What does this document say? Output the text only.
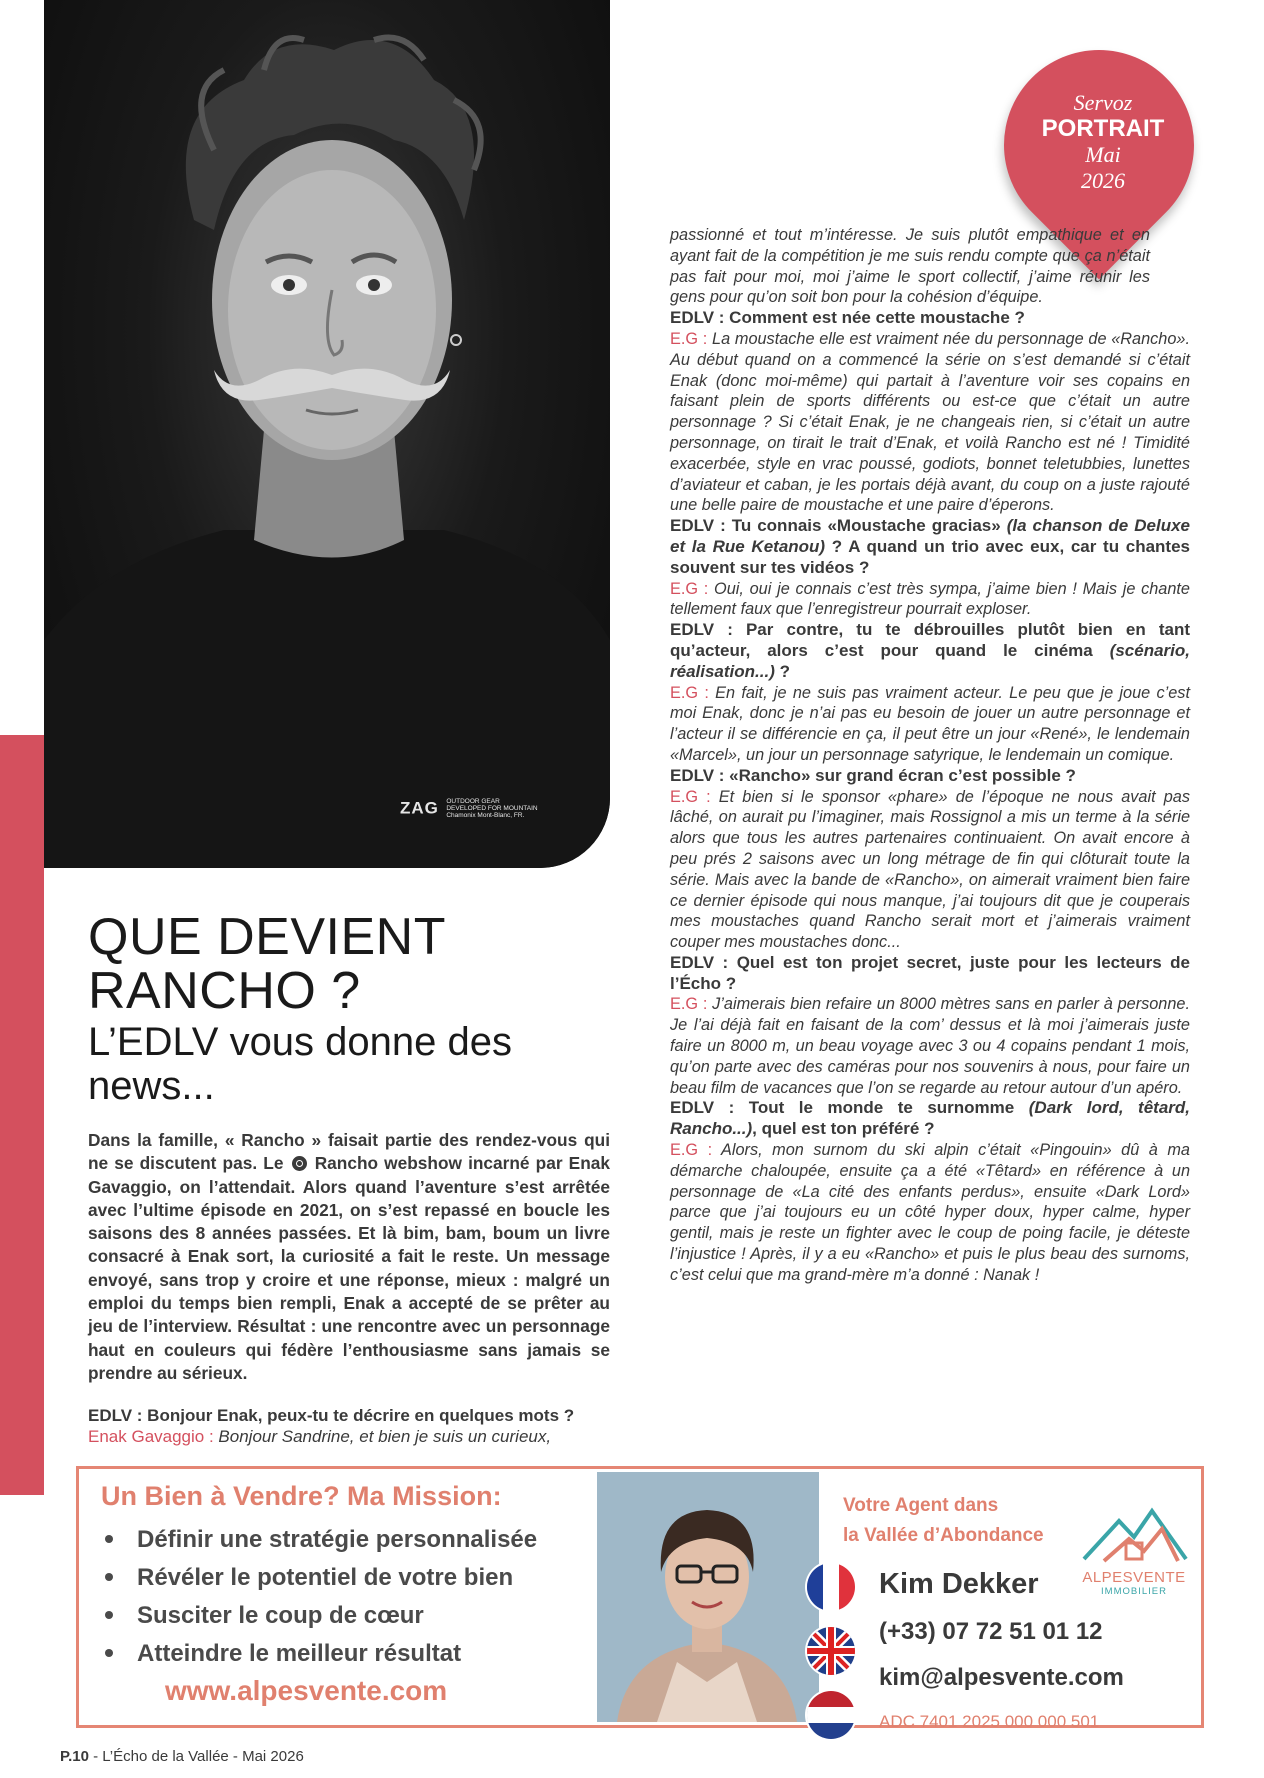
ZAG OUTDOOR GEAR
DEVELOPED FOR MOUNTAIN
Chamonix Mont-Blanc, FR.
Servoz
PORTRAIT
Mai
2026
QUE DEVIENT
RANCHO ?
L’EDLV vous donne des
news...
Dans la famille, « Rancho » faisait partie des rendez-vous qui ne se discutent pas. Le Rancho webshow incarné par Enak Gavaggio, on l’attendait. Alors quand l’aventure s’est arrêtée avec l’ultime épisode en 2021, on s’est repassé en boucle les saisons des 8 années passées. Et là bim, bam, boum un livre consacré à Enak sort, la curiosité a fait le reste. Un message envoyé, sans trop y croire et une réponse, mieux : malgré un emploi du temps bien rempli, Enak a accepté de se prêter au jeu de l’interview. Résultat : une rencontre avec un personnage haut en couleurs qui fédère l’enthousiasme sans jamais se prendre au sérieux.
EDLV : Bonjour Enak, peux-tu te décrire en quelques mots ?
Enak Gavaggio : Bonjour Sandrine, et bien je suis un curieux,

passionné et tout m’intéresse. Je suis plutôt empathique et en ayant fait de la compétition je me suis rendu compte que ça n’était pas fait pour moi, moi j’aime le sport collectif, j’aime réunir les gens pour qu’on soit bon pour la cohésion d’équipe.

EDLV : Comment est née cette moustache ?

E.G : La moustache elle est vraiment née du personnage de «Rancho». Au début quand on a commencé la série on s’est demandé si c’était Enak (donc moi-même) qui partait à l’aventure voir ses copains en faisant plein de sports différents ou est-ce que c’était un autre personnage ? Si c’était Enak, je ne changeais rien, si c’était un autre personnage, on tirait le trait d’Enak, et voilà Rancho est né ! Timidité exacerbée, style en vrac poussé, godiots, bonnet teletubbies, lunettes d’aviateur et caban, je les portais déjà avant, du coup on a juste rajouté une belle paire de moustache et une paire d’éperons.

EDLV : Tu connais «Moustache gracias» (la chanson de Deluxe et la Rue Ketanou) ? A quand un trio avec eux, car tu chantes souvent sur tes vidéos ?

E.G : Oui, oui je connais c’est très sympa, j’aime bien ! Mais je chante tellement faux que l’enregistreur pourrait exploser.

EDLV : Par contre, tu te débrouilles plutôt bien en tant qu’acteur, alors c’est pour quand le cinéma (scénario, réalisation...) ?

E.G : En fait, je ne suis pas vraiment acteur. Le peu que je joue c’est moi Enak, donc je n’ai pas eu besoin de jouer un autre personnage et l’acteur il se différencie en ça, il peut être un jour «René», le lendemain «Marcel», un jour un personnage satyrique, le lendemain un comique.

EDLV : «Rancho» sur grand écran c’est possible ?

E.G : Et bien si le sponsor «phare» de l’époque ne nous avait pas lâché, on aurait pu l’imaginer, mais Rossignol a mis un terme à la série alors que tous les autres partenaires continuaient. On avait encore à peu prés 2 saisons avec un long métrage de fin qui clôturait toute la série. Mais avec la bande de «Rancho», on aimerait vraiment bien faire ce dernier épisode qui nous manque, j’ai toujours dit que je couperais mes moustaches quand Rancho serait mort et j’aimerais vraiment couper mes moustaches donc...

EDLV : Quel est ton projet secret, juste pour les lecteurs de l’Écho ?

E.G : J’aimerais bien refaire un 8000 mètres sans en parler à personne. Je l’ai déjà fait en faisant de la com’ dessus et là moi j’aimerais juste faire un 8000 m, un beau voyage avec 3 ou 4 copains pendant 1 mois, qu’on parte avec des caméras pour nos souvenirs à nous, pour faire un beau film de vacances que l’on se regarde au retour autour d’un apéro.

EDLV : Tout le monde te surnomme (Dark lord, têtard, Rancho...), quel est ton préféré ?

E.G : Alors, mon surnom du ski alpin c’était «Pingouin» dû à ma démarche chaloupée, ensuite ça a été «Têtard» en référence à un personnage de «La cité des enfants perdus», ensuite «Dark Lord» parce que j’ai toujours eu un côté hyper doux, hyper calme, hyper gentil, mais je reste un fighter avec le coup de poing facile, je déteste l’injustice ! Après, il y a eu «Rancho» et puis le plus beau des surnoms, c’est celui que ma grand-mère m’a donné : Nanak !

Un Bien à Vendre? Ma Mission:
Définir une stratégie personnalisée
Révéler le potentiel de votre bien
Susciter le coup de cœur
Atteindre le meilleur résultat
www.alpesvente.com
Votre Agent dans
la Vallée d’Abondance
ALPESVENTE
IMMOBILIER
Kim Dekker
(+33) 07 72 51 01 12
kim@alpesvente.com
ADC 7401 2025 000 000 501
P.10 - L’Écho de la Vallée - Mai 2026
